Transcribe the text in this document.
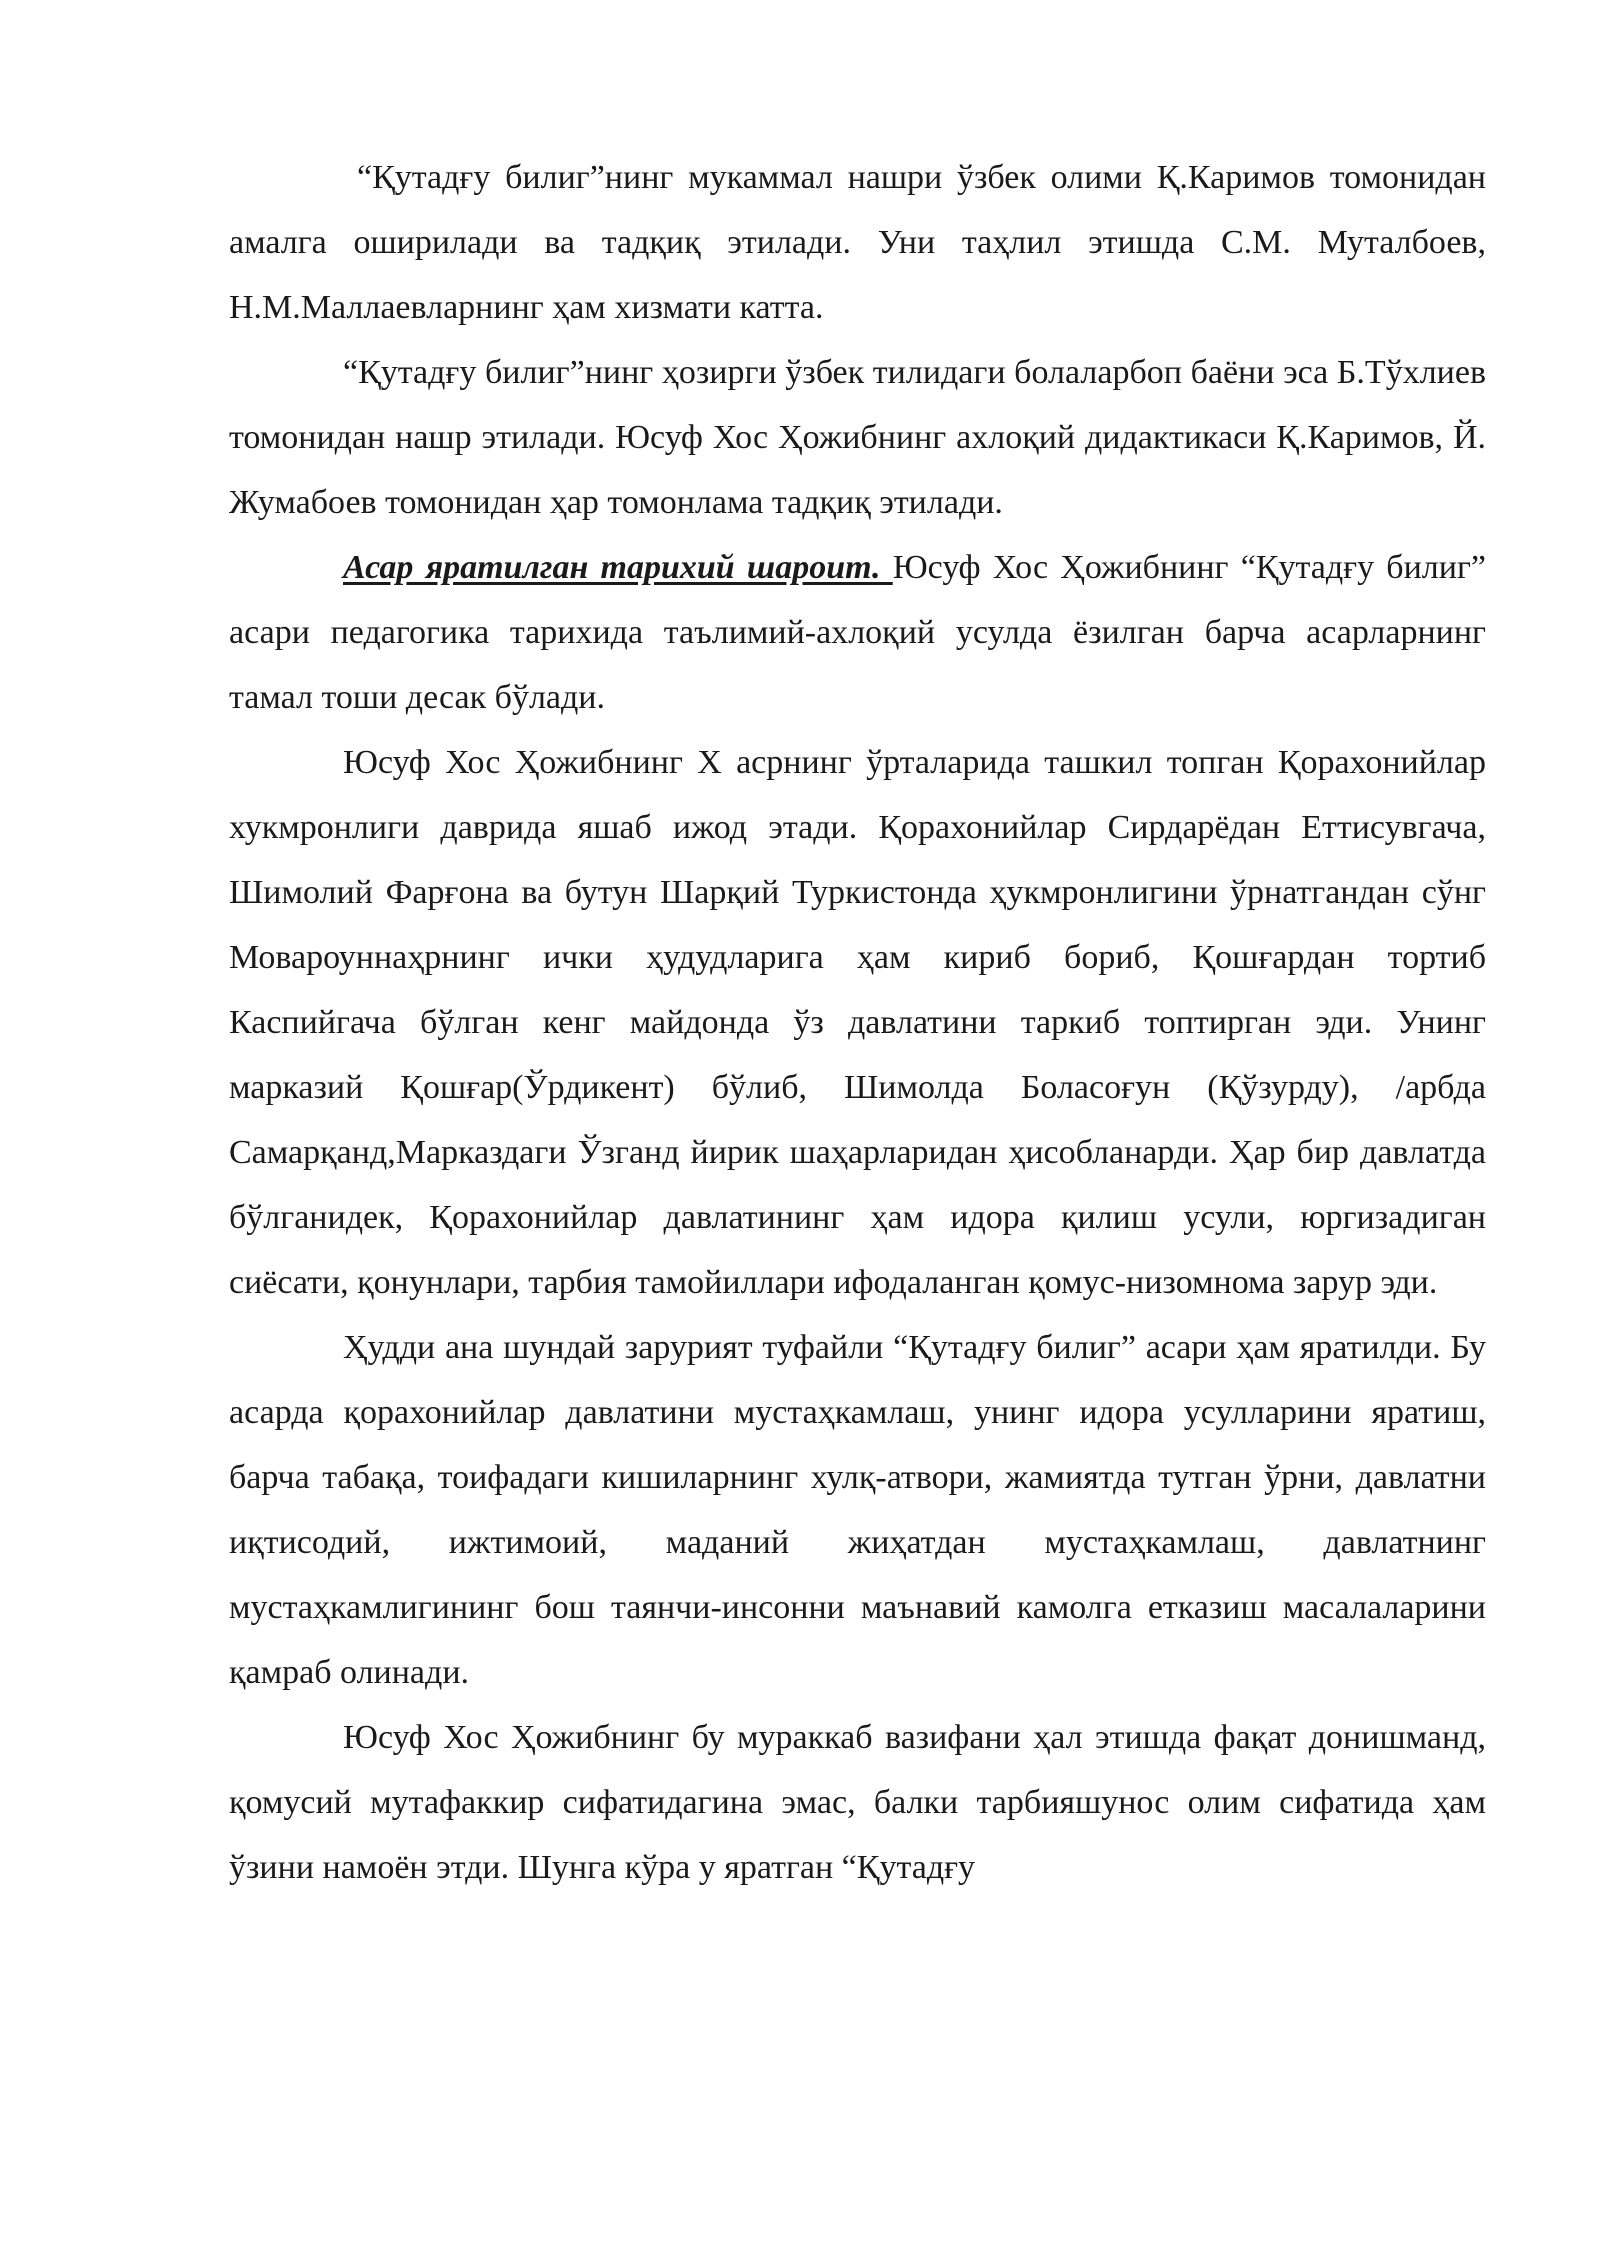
“Қутадғу билиг”нинг мукаммал нашри ўзбек олими Қ.Каримов томонидан амалга оширилади ва тадқиқ этилади. Уни таҳлил этишда С.М. Муталбоев, Н.М.Маллаевларнинг ҳам хизмати катта.

“Қутадғу билиг”нинг ҳозирги ўзбек тилидаги болаларбоп баёни эса Б.Тўхлиев томонидан нашр этилади. Юсуф Хос Ҳожибнинг ахлоқий дидактикаси Қ.Каримов, Й. Жумабоев томонидан ҳар томонлама тадқиқ этилади.

Асар яратилган тарихий шароит. Юсуф Хос Ҳожибнинг “Қутадғу билиг” асари педагогика тарихида таълимий-ахлоқий усулда ёзилган барча асарларнинг тамал тоши десак бўлади.

Юсуф Хос Ҳожибнинг Х асрнинг ўрталарида ташкил топган Қорахонийлар хукмронлиги даврида яшаб ижод этади. Қорахонийлар Сирдарёдан Еттисувгача, Шимолий Фарғона ва бутун Шарқий Туркистонда ҳукмронлигини ўрнатгандан сўнг Мовароуннаҳрнинг ички ҳудудларига ҳам кириб бориб, Қошғардан тортиб Каспийгача бўлган кенг майдонда ўз давлатини таркиб топтирган эди. Унинг марказий Қошғар(Ўрдикент) бўлиб, Шимолда Боласоғун (Қўзурду), /арбда Самарқанд,Марказдаги Ўзганд йирик шаҳарларидан ҳисобланарди. Ҳар бир давлатда бўлганидек, Қорахонийлар давлатининг ҳам идора қилиш усули, юргизадиган сиёсати, қонунлари, тарбия тамойиллари ифодаланган қомус-низомнома зарур эди.

Ҳудди ана шундай зарурият туфайли “Қутадғу билиг” асари ҳам яратилди. Бу асарда қорахонийлар давлатини мустаҳкамлаш, унинг идора усулларини яратиш, барча табақа, тоифадаги кишиларнинг хулқ-атвори, жамиятда тутган ўрни, давлатни иқтисодий, ижтимоий, маданий жиҳатдан мустаҳкамлаш, давлатнинг мустаҳкамлигининг бош таянчи-инсонни маънавий камолга етказиш масалаларини қамраб олинади.

Юсуф Хос Ҳожибнинг бу мураккаб вазифани ҳал этишда фақат донишманд, қомусий мутафаккир сифатидагина эмас, балки тарбияшунос олим сифатида ҳам ўзини намоён этди. Шунга кўра у яратган “Қутадғу
